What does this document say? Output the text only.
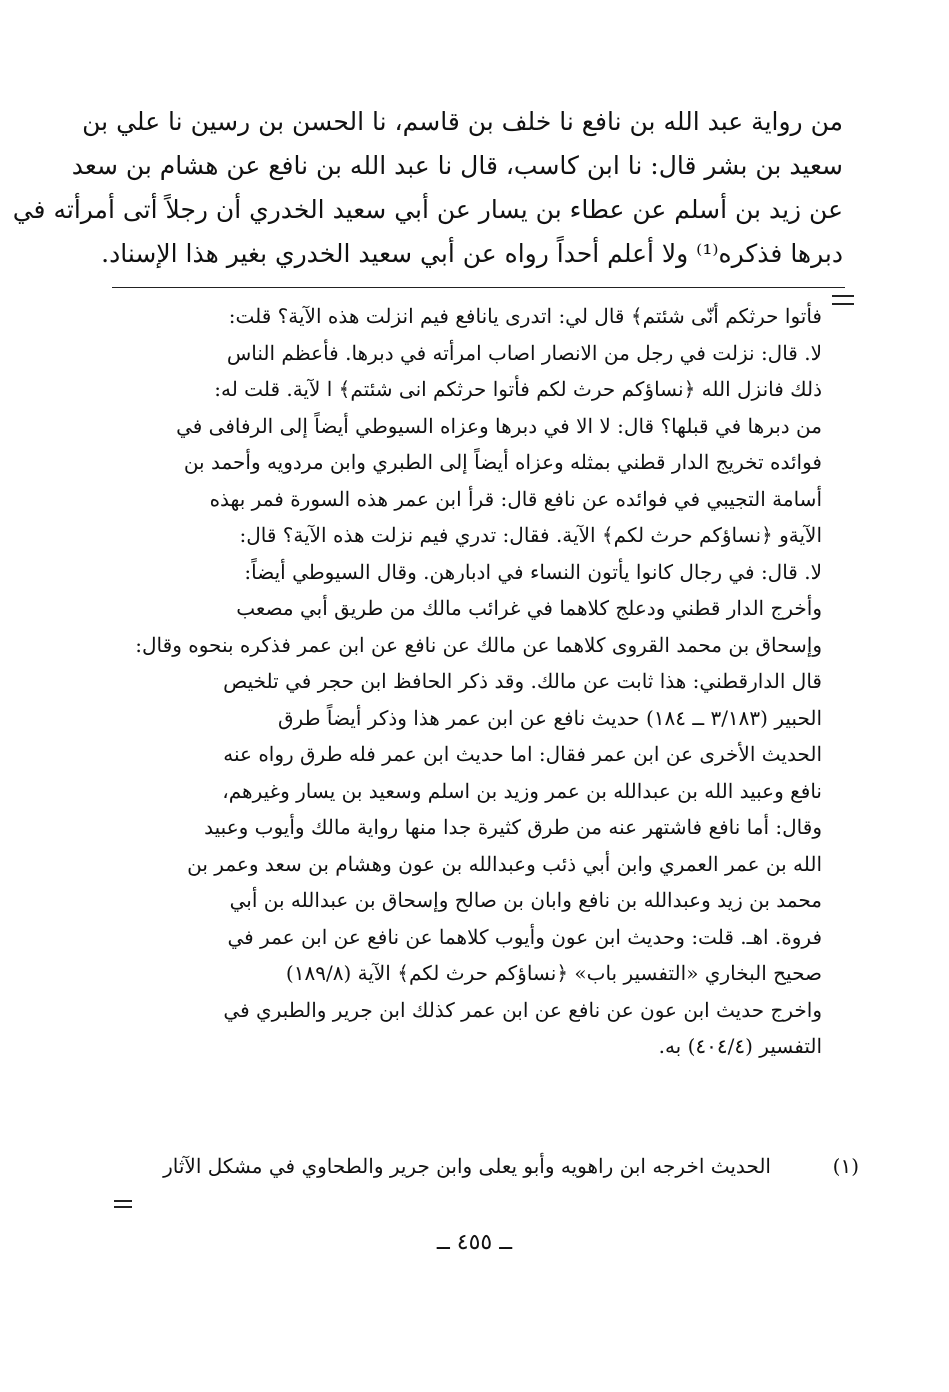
من رواية عبد الله بن نافع نا خلف بن قاسم، نا الحسن بن رسين نا علي بن
سعيد بن بشر قال: نا ابن كاسب، قال نا عبد الله بن نافع عن هشام بن سعد
عن زيد بن أسلم عن عطاء بن يسار عن أبي سعيد الخدري أن رجلاً أتى أمرأته في
دبرها فذكره⁽¹⁾ ولا أعلم أحداً رواه عن أبي سعيد الخدري بغير هذا الإسناد.
فأتوا حرثكم أنّى شئتم﴾ قال لي: اتدرى يانافع فيم انزلت هذه الآية؟ قلت:
لا. قال: نزلت في رجل من الانصار اصاب امرأته في دبرها. فأعظم الناس
ذلك فانزل الله ﴿نساؤكم حرث لكم فأتوا حرثكم انى شئتم﴾ ا لآية. قلت له:
من دبرها في قبلها؟ قال: لا الا في دبرها وعزاه السيوطي أيضاً إلى الرفافى في
فوائده تخريج الدار قطني بمثله وعزاه أيضاً إلى الطبري وابن مردويه وأحمد بن
أسامة التجيبي في فوائده عن نافع قال: قرأ ابن عمر هذه السورة فمر بهذه
الآيةو ﴿نساؤكم حرث لكم﴾ الآية. فقال: تدري فيم نزلت هذه الآية؟ قال:
لا. قال: في رجال كانوا يأتون النساء في ادبارهن. وقال السيوطي أيضاً:
وأخرج الدار قطني ودعلج كلاهما في غرائب مالك من طريق أبي مصعب
وإسحاق بن محمد القروى كلاهما عن مالك عن نافع عن ابن عمر فذكره بنحوه وقال:
قال الدارقطني: هذا ثابت عن مالك. وقد ذكر الحافظ ابن حجر في تلخيص
الحبير (٣/١٨٣ ــ ١٨٤) حديث نافع عن ابن عمر هذا وذكر أيضاً طرق
الحديث الأخرى عن ابن عمر فقال: اما حديث ابن عمر فله طرق رواه عنه
نافع وعبيد الله بن عبدالله بن عمر وزيد بن اسلم وسعيد بن يسار وغيرهم،
وقال: أما نافع فاشتهر عنه من طرق كثيرة جدا منها رواية مالك وأيوب وعبيد
الله بن عمر العمري وابن أبي ذئب وعبدالله بن عون وهشام بن سعد وعمر بن
محمد بن زيد وعبدالله بن نافع وابان بن صالح وإسحاق بن عبدالله بن أبي
فروة. اهـ. قلت: وحديث ابن عون وأيوب كلاهما عن نافع عن ابن عمر في
صحيح البخاري «التفسير باب» ﴿نساؤكم حرث لكم﴾ الآية (١٨٩/٨)
واخرج حديث ابن عون عن نافع عن ابن عمر كذلك ابن جرير والطبري في
التفسير (٤٠٤/٤) به.
(١)
الحديث اخرجه ابن راهويه وأبو يعلى وابن جرير والطحاوي في مشكل الآثار
ــ ٤٥٥ ــ
